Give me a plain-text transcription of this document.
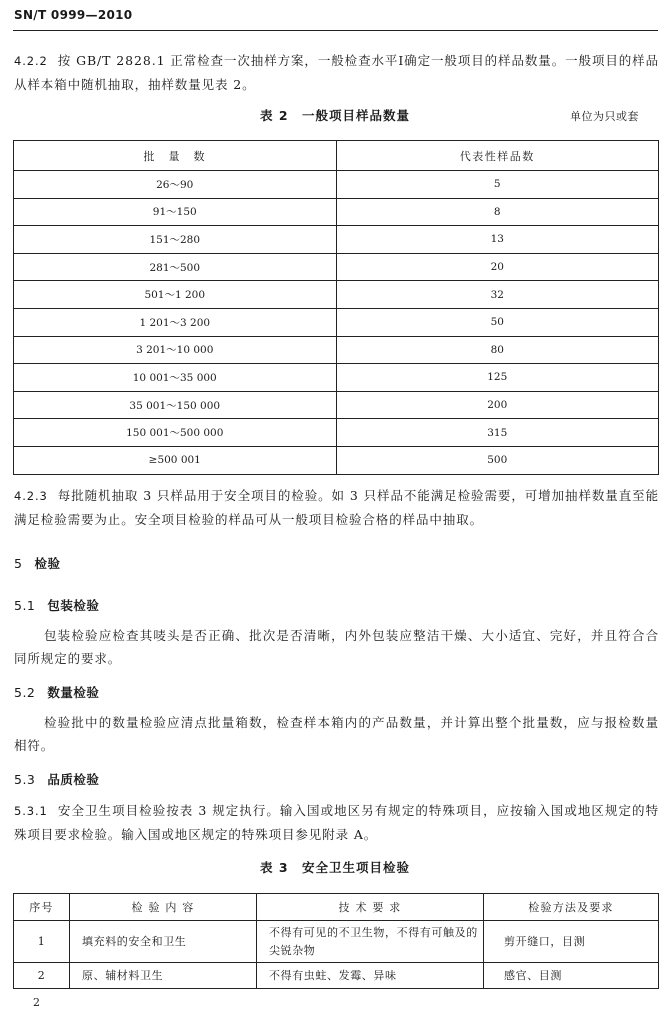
SN/T 0999—2010
4.2.2 按 GB/T 2828.1 正常检查一次抽样方案，一般检查水平Ⅰ确定一般项目的样品数量。一般项目的样品从样本箱中随机抽取，抽样数量见表 2。
表 2　一般项目样品数量	单位为只或套
批　量　数	代表性样品数
26～90	5
91～150	8
151～280	13
281～500	20
501～1 200	32
1 201～3 200	50
3 201～10 000	80
10 001～35 000	125
35 001～150 000	200
150 001～500 000	315
≥500 001	500
4.2.3 每批随机抽取 3 只样品用于安全项目的检验。如 3 只样品不能满足检验需要，可增加抽样数量直至能满足检验需要为止。安全项目检验的样品可从一般项目检验合格的样品中抽取。
5 检验
5.1 包装检验
包装检验应检查其唛头是否正确、批次是否清晰，内外包装应整洁干燥、大小适宜、完好，并且符合合同所规定的要求。
5.2 数量检验
检验批中的数量检验应清点批量箱数，检查样本箱内的产品数量，并计算出整个批量数，应与报检数量相符。
5.3 品质检验
5.3.1 安全卫生项目检验按表 3 规定执行。输入国或地区另有规定的特殊项目，应按输入国或地区规定的特殊项目要求检验。输入国或地区规定的特殊项目参见附录 A。
表 3　安全卫生项目检验
序号	检 验 内 容	技 术 要 求	检验方法及要求
1	填充料的安全和卫生	不得有可见的不卫生物，不得有可触及的尖锐杂物	剪开缝口，目测
2	原、辅材料卫生	不得有虫蛀、发霉、异味	感官、目测
2
